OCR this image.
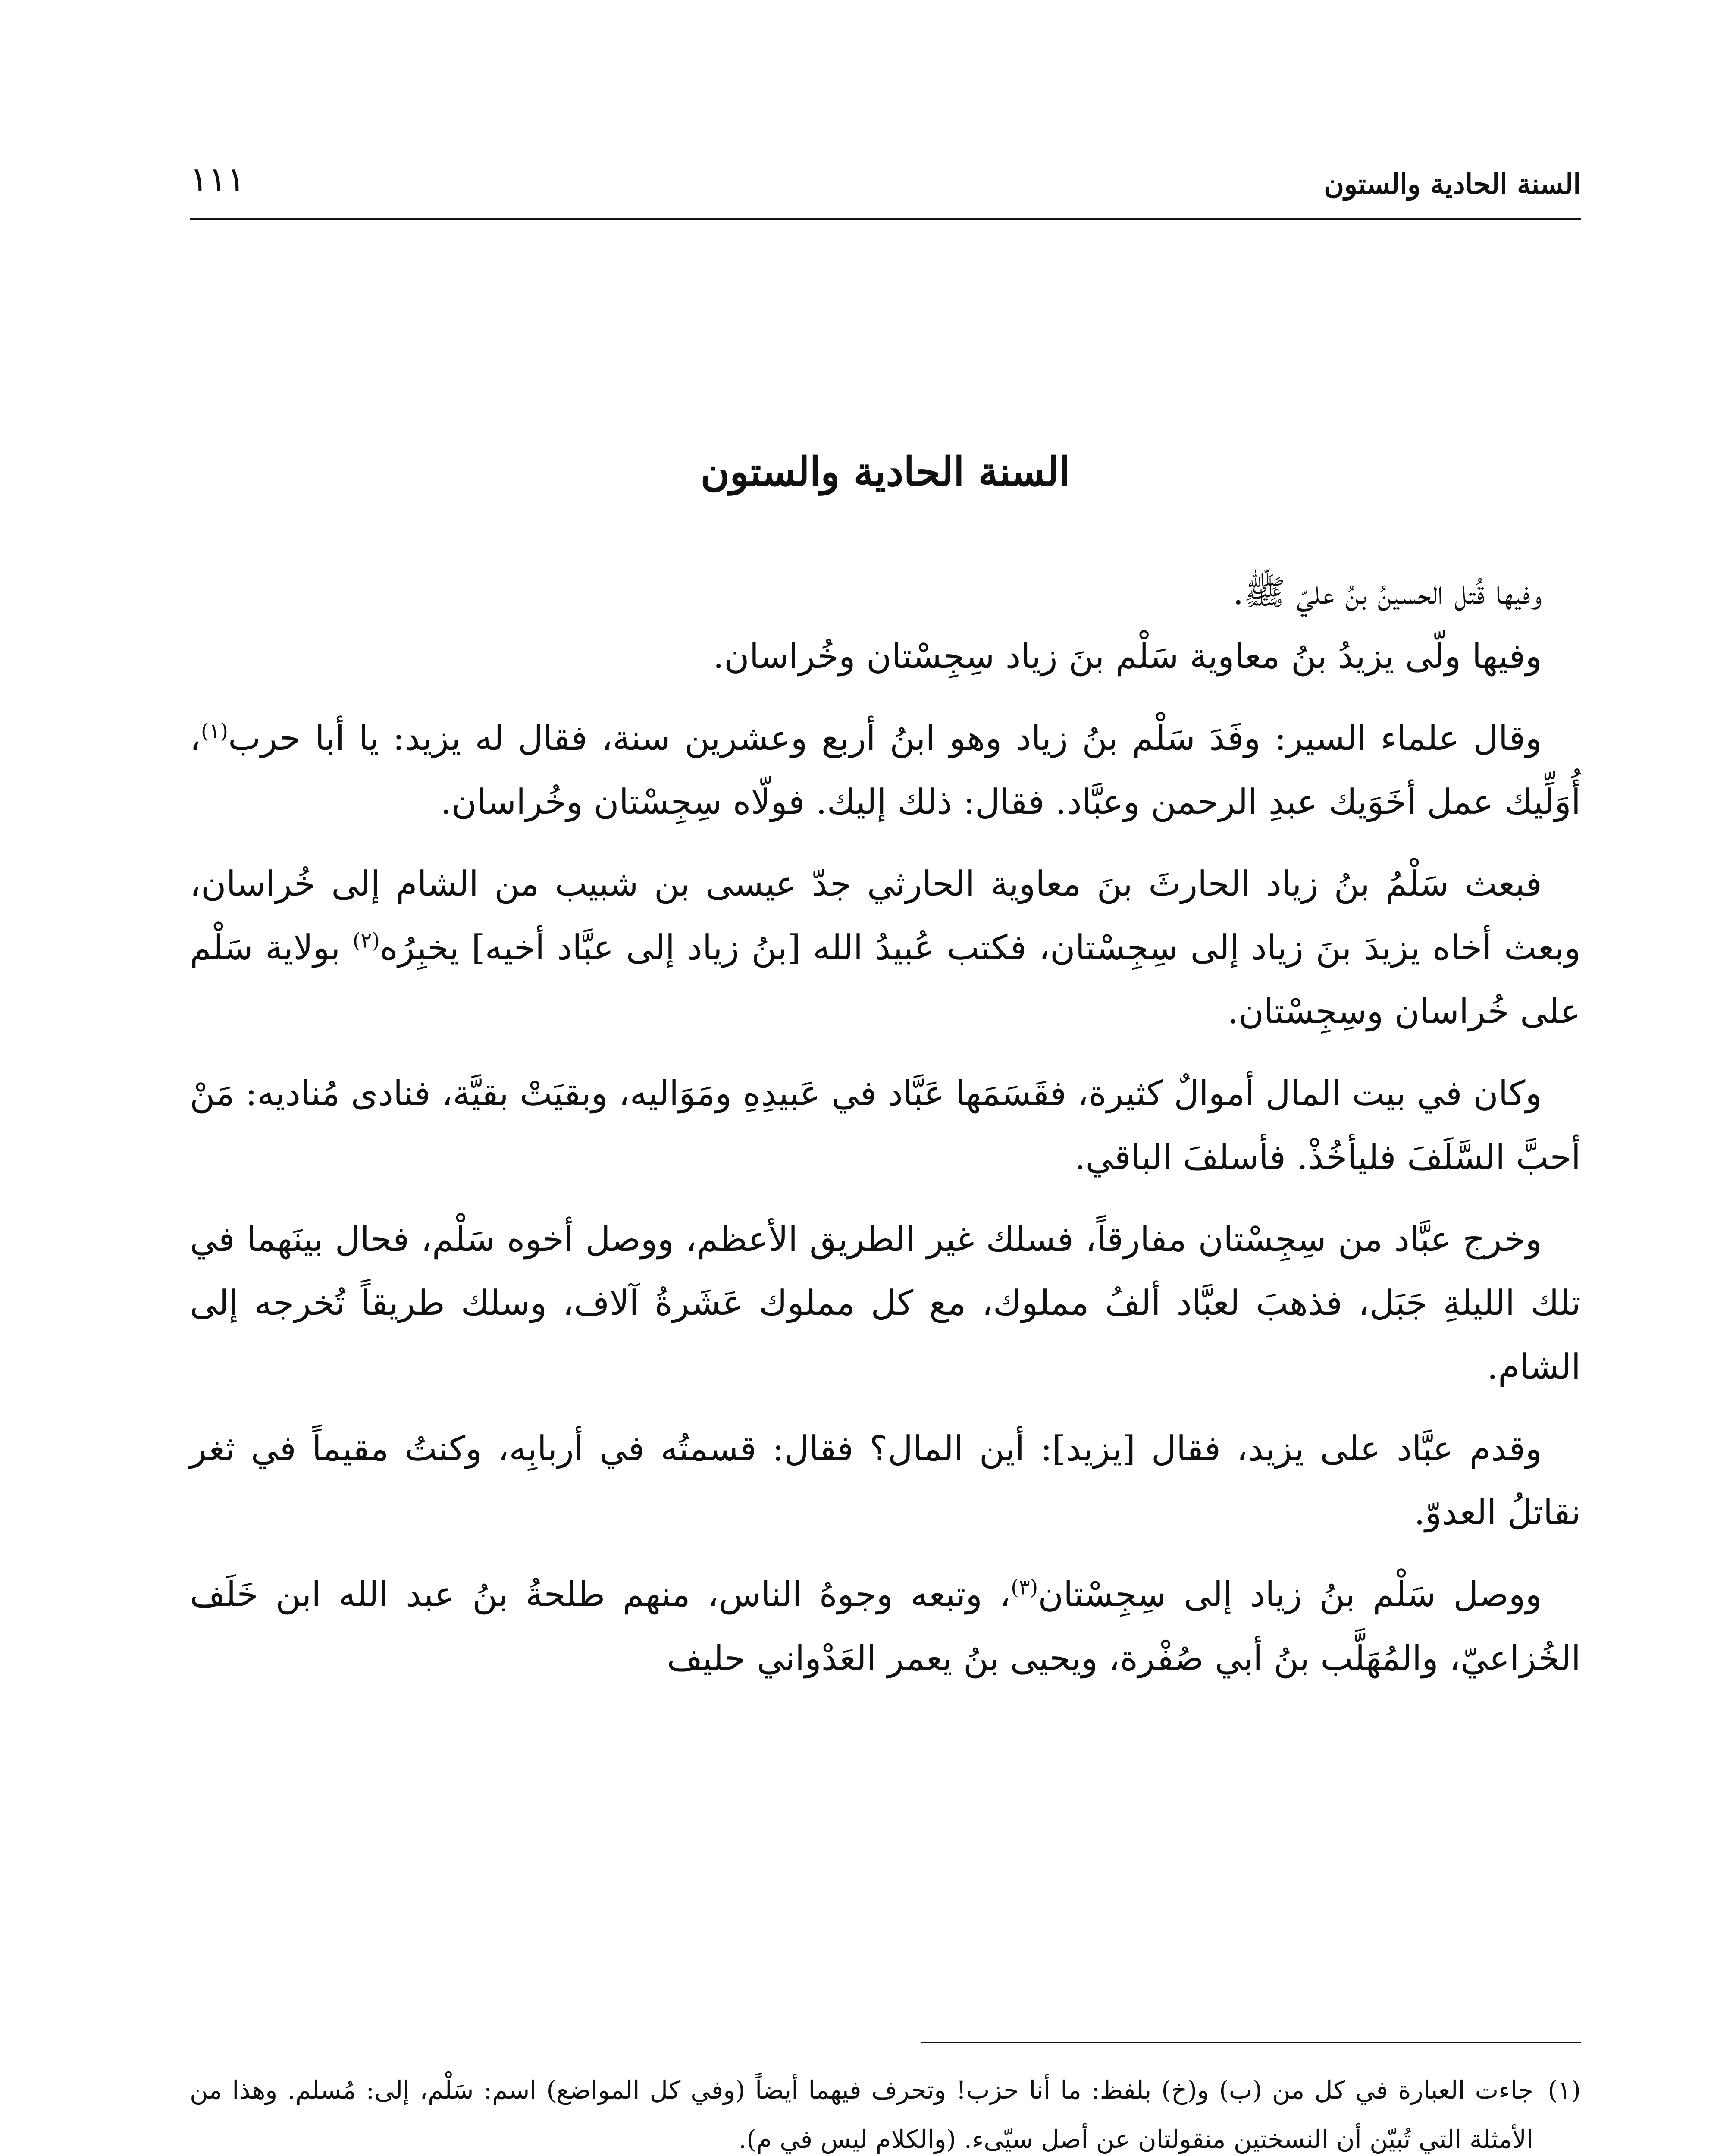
السنة الحادية والستون
١١١
السنة الحادية والستون

وفيها قُتل الحسينُ بنُ عليّ ﷺ.

وفيها ولّى يزيدُ بنُ معاوية سَلْم بنَ زياد سِجِسْتان وخُراسان.

وقال علماء السير: وفَدَ سَلْم بنُ زياد وهو ابنُ أربع وعشرين سنة، فقال له يزيد: يا أبا حرب$^{(١)}$، أُوَلِّيك عمل أخَوَيك عبدِ الرحمن وعبَّاد. فقال: ذلك إليك. فولّاه سِجِسْتان وخُراسان.

فبعث سَلْمُ بنُ زياد الحارثَ بنَ معاوية الحارثي جدّ عيسى بن شبيب من الشام إلى خُراسان، وبعث أخاه يزيدَ بنَ زياد إلى سِجِسْتان، فكتب عُبيدُ الله [بنُ زياد إلى عبَّاد أخيه] يخبِرُه$^{(٢)}$ بولاية سَلْم على خُراسان وسِجِسْتان.

وكان في بيت المال أموالٌ كثيرة، فقَسَمَها عَبَّاد في عَبيدِهِ ومَوَاليه، وبقيَتْ بقيَّة، فنادى مُناديه: مَنْ أحبَّ السَّلَفَ فليأخُذْ. فأسلفَ الباقي.

وخرج عبَّاد من سِجِسْتان مفارقاً، فسلك غير الطريق الأعظم، ووصل أخوه سَلْم، فحال بينَهما في تلك الليلةِ جَبَل، فذهبَ لعبَّاد ألفُ مملوك، مع كل مملوك عَشَرةُ آلاف، وسلك طريقاً تُخرجه إلى الشام.

وقدم عبَّاد على يزيد، فقال [يزيد]: أين المال؟ فقال: قسمتُه في أربابِه، وكنتُ مقيماً في ثغر نقاتلُ العدوّ.

ووصل سَلْم بنُ زياد إلى سِجِسْتان$^{(٣)}$، وتبعه وجوهُ الناس، منهم طلحةُ بنُ عبد الله ابن خَلَف الخُزاعيّ، والمُهَلَّب بنُ أبي صُفْرة، ويحيى بنُ يعمر العَدْواني حليف

(١)جاءت العبارة في كل من (ب) و(خ) بلفظ: ما أنا حزب! وتحرف فيهما أيضاً (وفي كل المواضع) اسم: سَلْم، إلى: مُسلم. وهذا من الأمثلة التي تُبيّن أن النسختين منقولتان عن أصل سيّىء. (والكلام ليس في م).
